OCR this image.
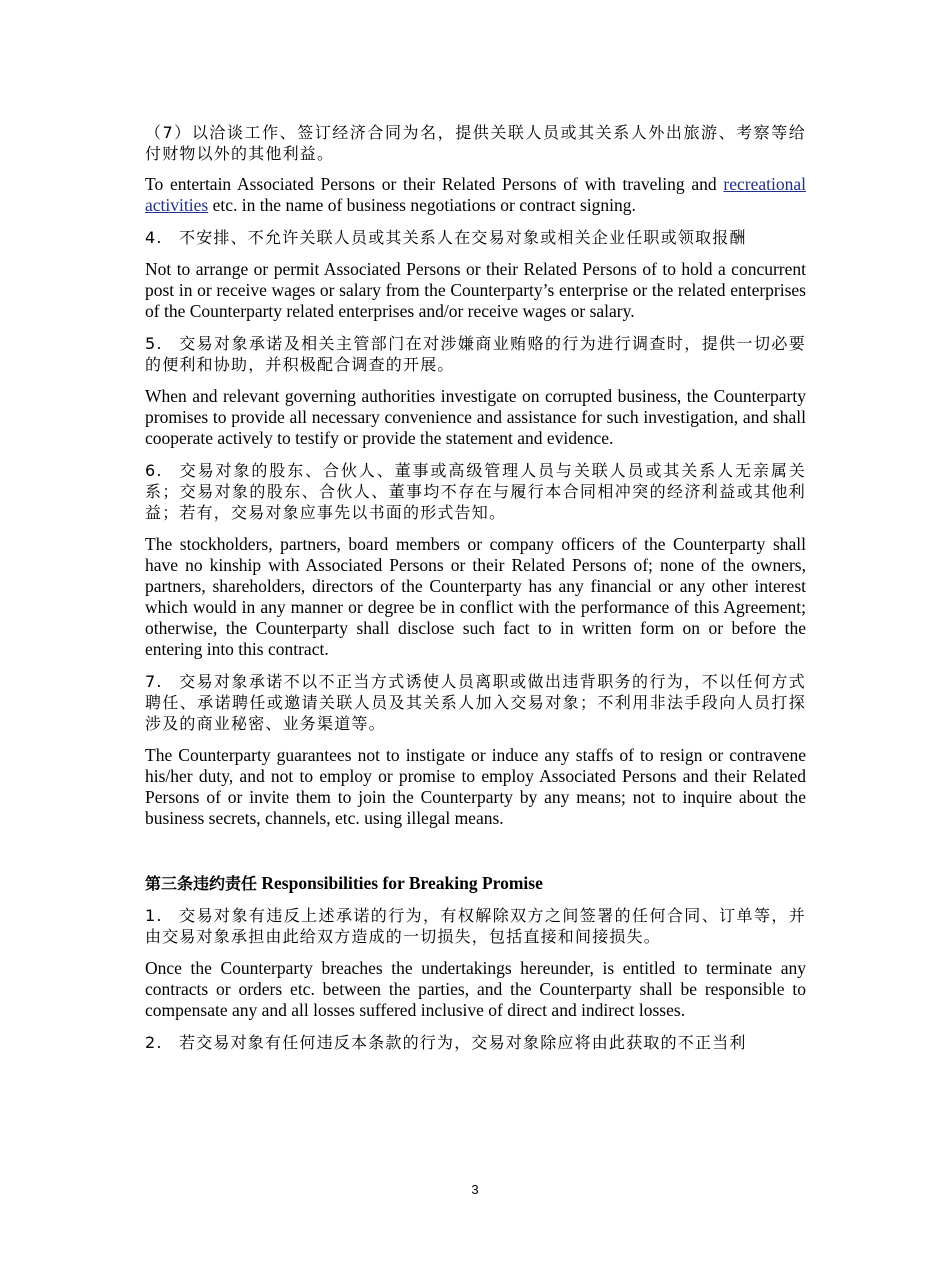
（7）以洽谈工作、签订经济合同为名，提供关联人员或其关系人外出旅游、考察等给付财物以外的其他利益。

To entertain Associated Persons or their Related Persons of with traveling and recreational activities etc. in the name of business negotiations or contract signing.

4. 不安排、不允许关联人员或其关系人在交易对象或相关企业任职或领取报酬

Not to arrange or permit Associated Persons or their Related Persons of to hold a concurrent post in or receive wages or salary from the Counterparty’s enterprise or the related enterprises of the Counterparty related enterprises and/or receive wages or salary.

5. 交易对象承诺及相关主管部门在对涉嫌商业贿赂的行为进行调查时，提供一切必要的便利和协助，并积极配合调查的开展。

When and relevant governing authorities investigate on corrupted business, the Counterparty promises to provide all necessary convenience and assistance for such investigation, and shall cooperate actively to testify or provide the statement and evidence.

6. 交易对象的股东、合伙人、董事或高级管理人员与关联人员或其关系人无亲属关系；交易对象的股东、合伙人、董事均不存在与履行本合同相冲突的经济利益或其他利益；若有，交易对象应事先以书面的形式告知。

The stockholders, partners, board members or company officers of the Counterparty shall have no kinship with Associated Persons or their Related Persons of; none of the owners, partners, shareholders, directors of the Counterparty has any financial or any other interest which would in any manner or degree be in conflict with the performance of this Agreement; otherwise, the Counterparty shall disclose such fact to in written form on or before the entering into this contract.

7. 交易对象承诺不以不正当方式诱使人员离职或做出违背职务的行为，不以任何方式聘任、承诺聘任或邀请关联人员及其关系人加入交易对象；不利用非法手段向人员打探涉及的商业秘密、业务渠道等。

The Counterparty guarantees not to instigate or induce any staffs of to resign or contravene his/her duty, and not to employ or promise to employ Associated Persons and their Related Persons of or invite them to join the Counterparty by any means; not to inquire about the business secrets, channels, etc. using illegal means.

第三条违约责任 Responsibilities for Breaking Promise

1. 交易对象有违反上述承诺的行为，有权解除双方之间签署的任何合同、订单等，并由交易对象承担由此给双方造成的一切损失，包括直接和间接损失。

Once the Counterparty breaches the undertakings hereunder, is entitled to terminate any contracts or orders etc. between the parties, and the Counterparty shall be responsible to compensate any and all losses suffered inclusive of direct and indirect losses.

2. 若交易对象有任何违反本条款的行为，交易对象除应将由此获取的不正当利

3
